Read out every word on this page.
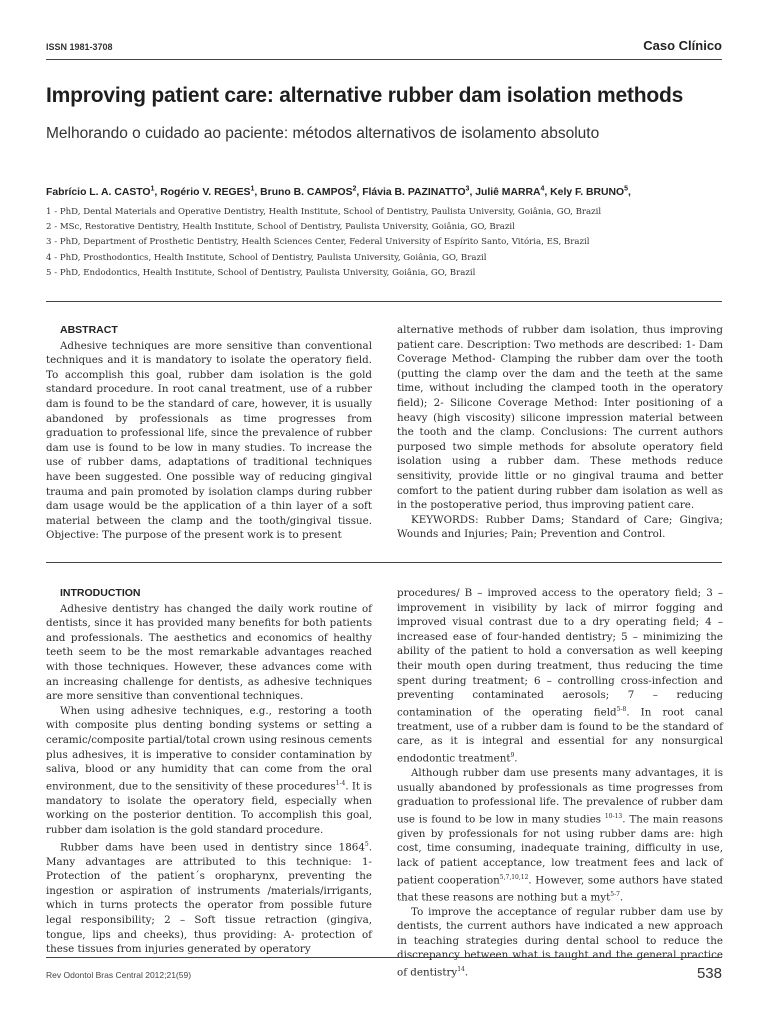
ISSN 1981-3708	Caso Clínico
Improving patient care: alternative rubber dam isolation methods
Melhorando o cuidado ao paciente: métodos alternativos de isolamento absoluto
Fabrício L. A. CASTO$^1$, Rogério V. REGES$^1$, Bruno B. CAMPOS$^2$, Flávia B. PAZINATTO$^3$, Juliê MARRA$^4$, Kely F. BRUNO$^5$,
1 - PhD, Dental Materials and Operative Dentistry, Health Institute, School of Dentistry, Paulista University, Goiânia, GO, Brazil
2 - MSc, Restorative Dentistry, Health Institute, School of Dentistry, Paulista University, Goiânia, GO, Brazil
3 - PhD, Department of Prosthetic Dentistry, Health Sciences Center, Federal University of Espírito Santo, Vitória, ES, Brazil
4 - PhD, Prosthodontics, Health Institute, School of Dentistry, Paulista University, Goiânia, GO, Brazil
5 - PhD, Endodontics, Health Institute, School of Dentistry, Paulista University, Goiânia, GO, Brazil
ABSTRACT

Adhesive techniques are more sensitive than conventional techniques and it is mandatory to isolate the operatory field. To accomplish this goal, rubber dam isolation is the gold standard procedure. In root canal treatment, use of a rubber dam is found to be the standard of care, however, it is usually abandoned by professionals as time progresses from graduation to professional life, since the prevalence of rubber dam use is found to be low in many studies. To increase the use of rubber dams, adaptations of traditional techniques have been suggested. One possible way of reducing gingival trauma and pain promoted by isolation clamps during rubber dam usage would be the application of a thin layer of a soft material between the clamp and the tooth/gingival tissue. Objective: The purpose of the present work is to present

alternative methods of rubber dam isolation, thus improving patient care. Description: Two methods are described: 1- Dam Coverage Method- Clamping the rubber dam over the tooth (putting the clamp over the dam and the teeth at the same time, without including the clamped tooth in the operatory field); 2- Silicone Coverage Method: Inter positioning of a heavy (high viscosity) silicone impression material between the tooth and the clamp. Conclusions: The current authors purposed two simple methods for absolute operatory field isolation using a rubber dam. These methods reduce sensitivity, provide little or no gingival trauma and better comfort to the patient during rubber dam isolation as well as in the postoperative period, thus improving patient care.

KEYWORDS: Rubber Dams; Standard of Care; Gingiva; Wounds and Injuries; Pain; Prevention and Control.

INTRODUCTION

Adhesive dentistry has changed the daily work routine of dentists, since it has provided many benefits for both patients and professionals. The aesthetics and economics of healthy teeth seem to be the most remarkable advantages reached with those techniques. However, these advances come with an increasing challenge for dentists, as adhesive techniques are more sensitive than conventional techniques.

When using adhesive techniques, e.g., restoring a tooth with composite plus denting bonding systems or setting a ceramic/composite partial/total crown using resinous cements plus adhesives, it is imperative to consider contamination by saliva, blood or any humidity that can come from the oral environment, due to the sensitivity of these procedures$^{1-4}$. It is mandatory to isolate the operatory field, especially when working on the posterior dentition. To accomplish this goal, rubber dam isolation is the gold standard procedure.

Rubber dams have been used in dentistry since 1864$^5$. Many advantages are attributed to this technique: 1- Protection of the patient´s oropharynx, preventing the ingestion or aspiration of instruments /materials/irrigants, which in turns protects the operator from possible future legal responsibility; 2 – Soft tissue retraction (gingiva, tongue, lips and cheeks), thus providing: A- protection of these tissues from injuries generated by operatory

procedures/ B – improved access to the operatory field; 3 –improvement in visibility by lack of mirror fogging and improved visual contrast due to a dry operating field; 4 –increased ease of four-handed dentistry; 5 – minimizing the ability of the patient to hold a conversation as well keeping their mouth open during treatment, thus reducing the time spent during treatment; 6 – controlling cross-infection and preventing contaminated aerosols; 7 – reducing contamination of the operating field$^{5-8}$. In root canal treatment, use of a rubber dam is found to be the standard of care, as it is integral and essential for any nonsurgical endodontic treatment$^9$.

Although rubber dam use presents many advantages, it is usually abandoned by professionals as time progresses from graduation to professional life. The prevalence of rubber dam use is found to be low in many studies $^{10-13}$. The main reasons given by professionals for not using rubber dams are: high cost, time consuming, inadequate training, difficulty in use, lack of patient acceptance, low treatment fees and lack of patient cooperation$^{5,7,10,12}$. However, some authors have stated that these reasons are nothing but a myt$^{5-7}$.

To improve the acceptance of regular rubber dam use by dentists, the current authors have indicated a new approach in teaching strategies during dental school to reduce the discrepancy between what is taught and the general practice of dentistry$^{14}$.

Rev Odontol Bras Central 2012;21(59)	538
